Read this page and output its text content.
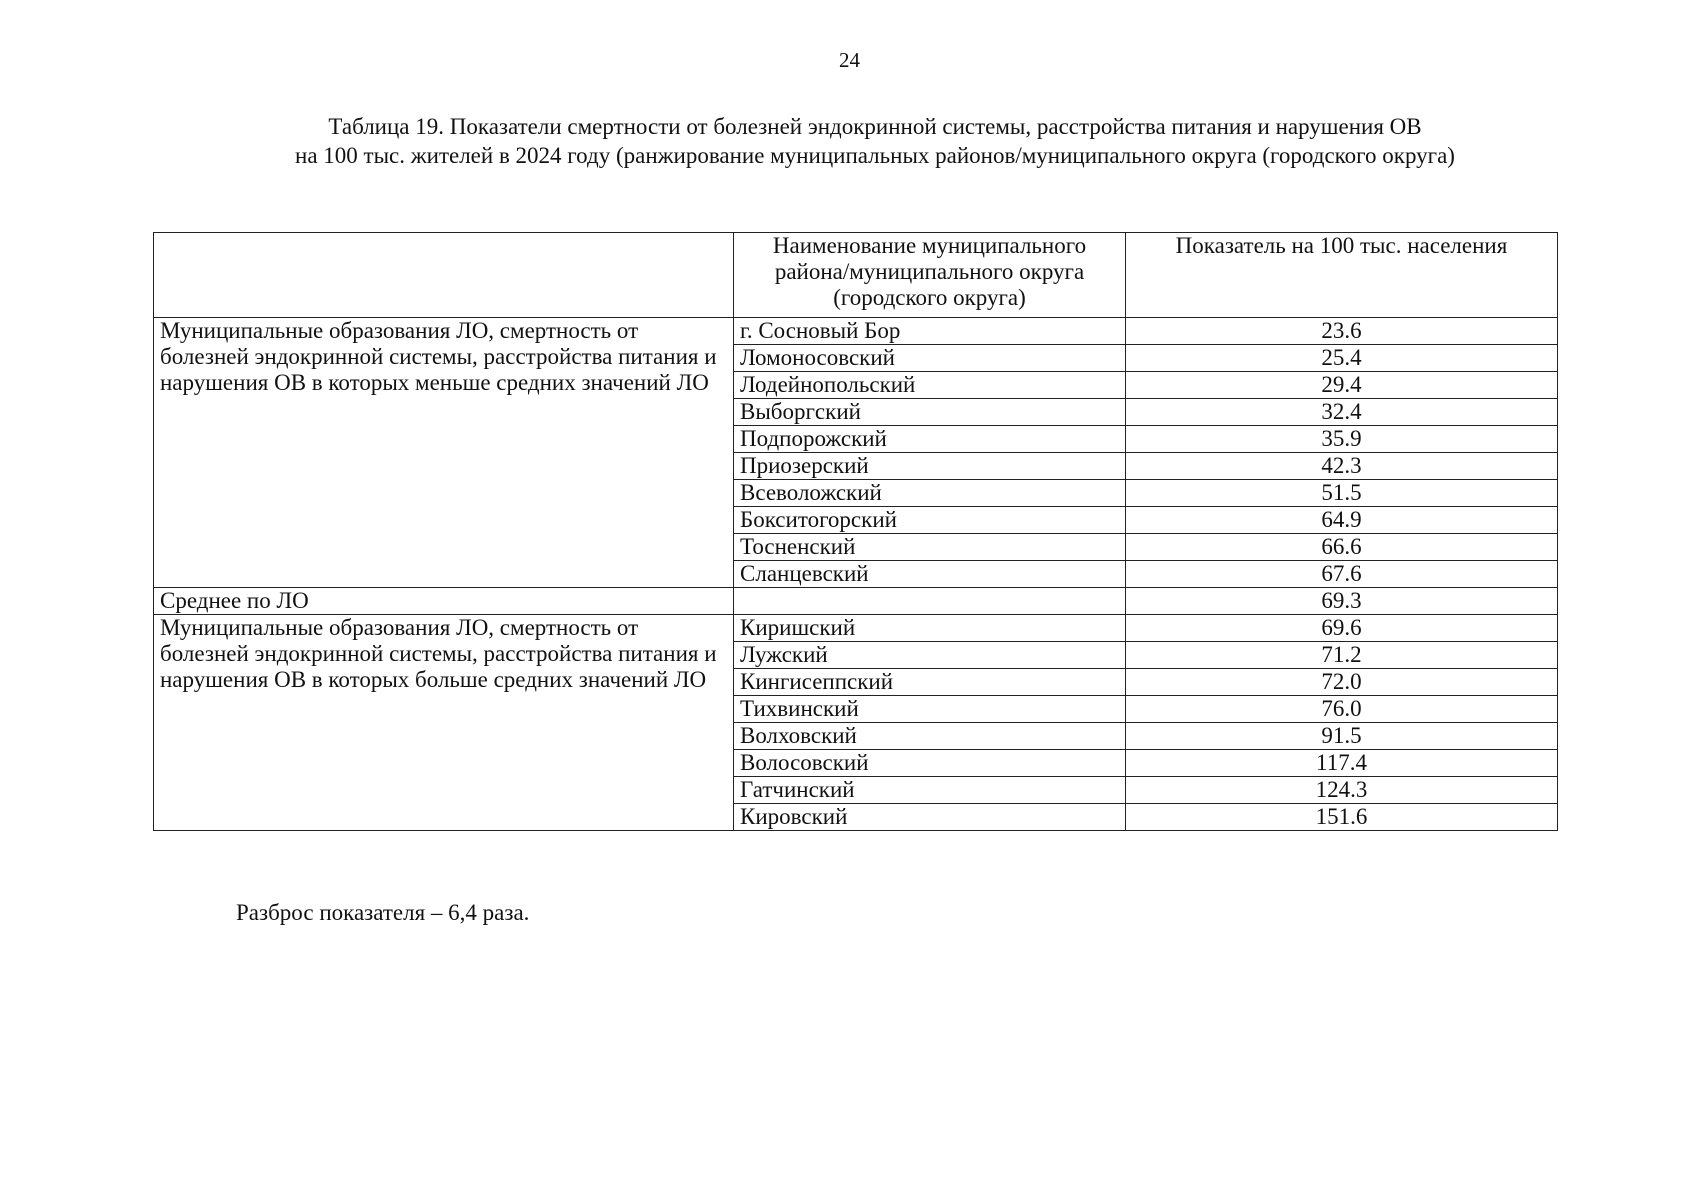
24
Таблица 19. Показатели смертности от болезней эндокринной системы, расстройства питания и нарушения ОВ
на 100 тыс. жителей в 2024 году (ранжирование муниципальных районов/муниципального округа (городского округа)
	Наименование муниципального района/муниципального округа (городского округа)	Показатель на 100 тыс. населения
Муниципальные образования ЛО, смертность от болезней эндокринной системы, расстройства питания и нарушения ОВ в которых меньше средних значений ЛО	г. Сосновый Бор	23.6
	Ломоносовский	25.4
	Лодейнопольский	29.4
	Выборгский	32.4
	Подпорожский	35.9
	Приозерский	42.3
	Всеволожский	51.5
	Бокситогорский	64.9
	Тосненский	66.6
	Сланцевский	67.6
Среднее по ЛО		69.3
Муниципальные образования ЛО, смертность от болезней эндокринной системы, расстройства питания и нарушения ОВ в которых больше средних значений ЛО	Киришский	69.6
	Лужский	71.2
	Кингисеппский	72.0
	Тихвинский	76.0
	Волховский	91.5
	Волосовский	117.4
	Гатчинский	124.3
	Кировский	151.6
Разброс показателя – 6,4 раза.
